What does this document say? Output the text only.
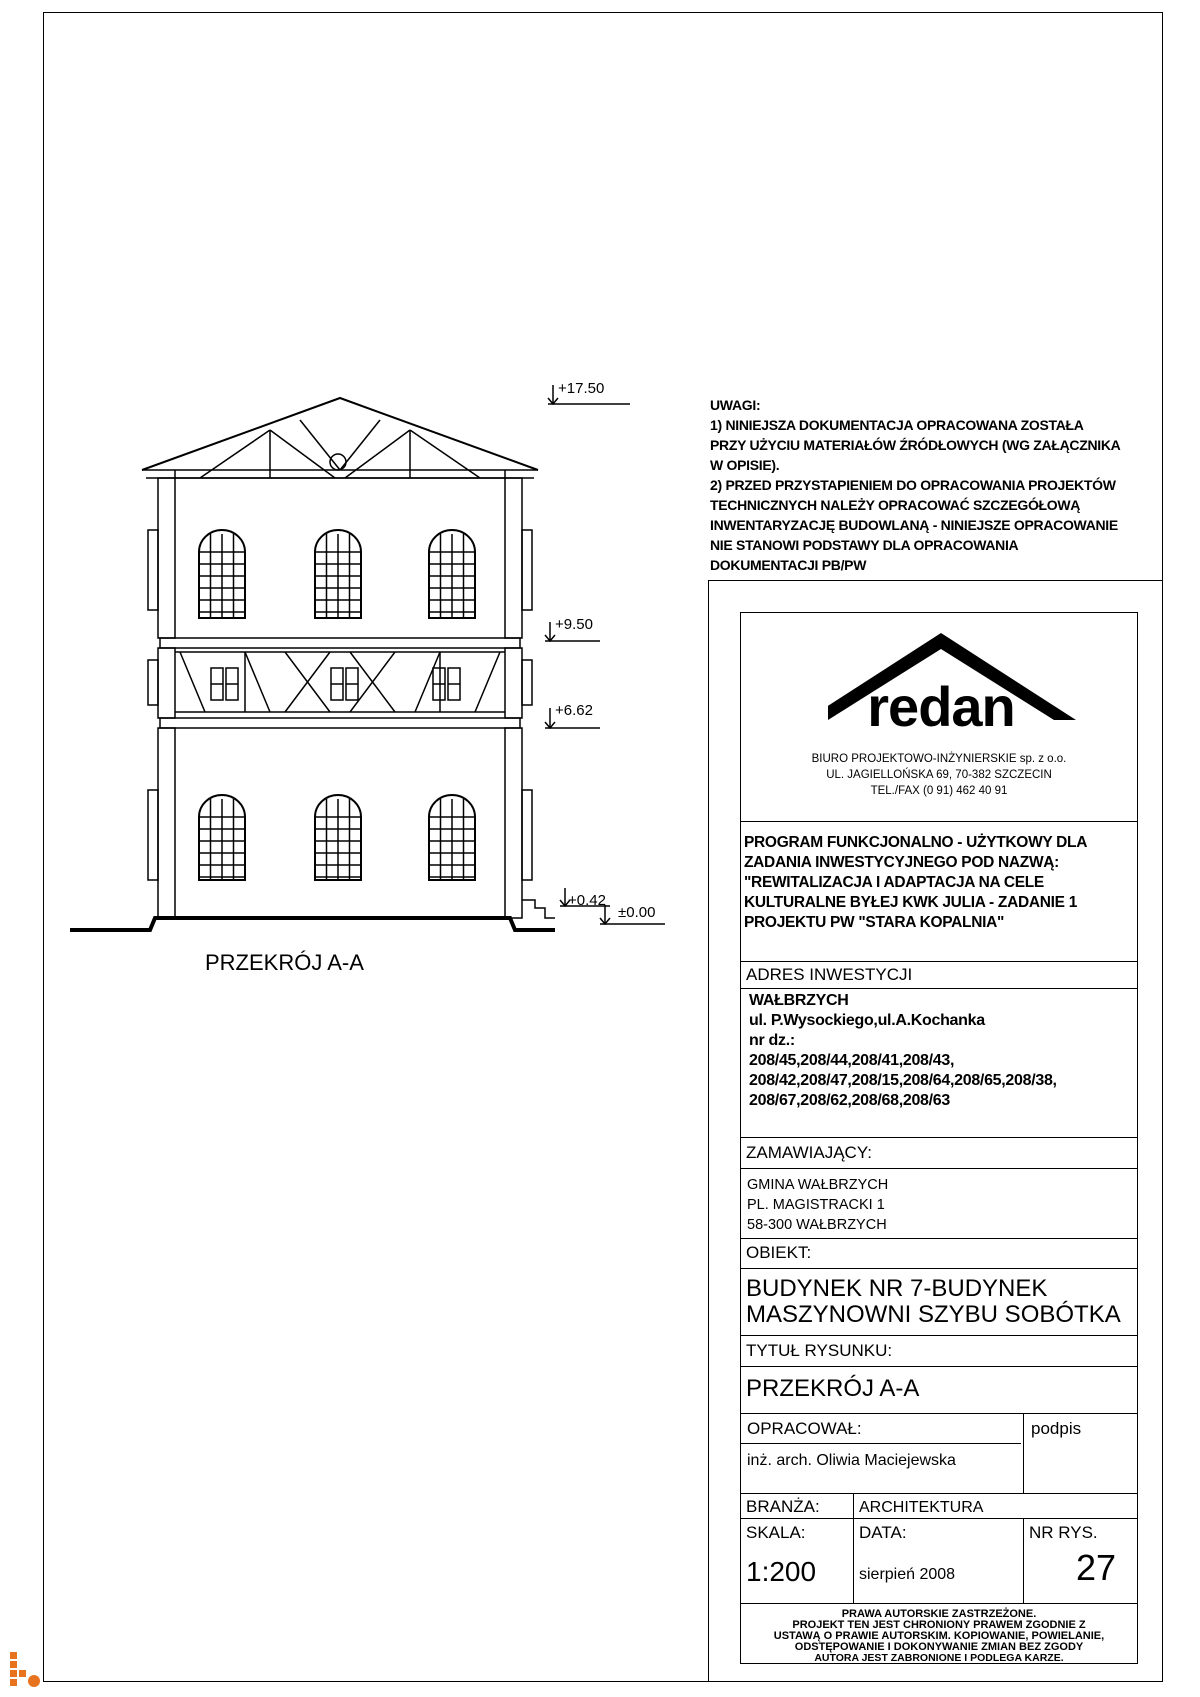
+17.50
+9.50
+6.62
+0.42
±0.00
PRZEKRÓJ A-A
UWAGI:
1) NINIEJSZA DOKUMENTACJA OPRACOWANA ZOSTAŁA
PRZY UŻYCIU MATERIAŁÓW ŹRÓDŁOWYCH (WG ZAŁĄCZNIKA
W OPISIE).
2) PRZED PRZYSTAPIENIEM DO OPRACOWANIA PROJEKTÓW
TECHNICZNYCH NALEŻY OPRACOWAĆ SZCZEGÓŁOWĄ
INWENTARYZACJĘ BUDOWLANĄ - NINIEJSZE OPRACOWANIE
NIE STANOWI PODSTAWY DLA OPRACOWANIA
DOKUMENTACJI PB/PW
redan
BIURO PROJEKTOWO-INŻYNIERSKIE sp. z o.o.
UL. JAGIELLOŃSKA 69, 70-382 SZCZECIN
TEL./FAX (0 91) 462 40 91
PROGRAM FUNKCJONALNO - UŻYTKOWY DLA
ZADANIA INWESTYCYJNEGO POD NAZWĄ:
"REWITALIZACJA I ADAPTACJA NA CELE
KULTURALNE BYŁEJ KWK JULIA - ZADANIE 1
PROJEKTU PW "STARA KOPALNIA"
ADRES INWESTYCJI
WAŁBRZYCH
ul. P.Wysockiego,ul.A.Kochanka
nr dz.:
208/45,208/44,208/41,208/43,
208/42,208/47,208/15,208/64,208/65,208/38,
208/67,208/62,208/68,208/63
ZAMAWIAJĄCY:
GMINA WAŁBRZYCH
PL. MAGISTRACKI 1
58-300 WAŁBRZYCH
OBIEKT:
BUDYNEK NR 7-BUDYNEK
MASZYNOWNI SZYBU SOBÓTKA
TYTUŁ RYSUNKU:
PRZEKRÓJ A-A
OPRACOWAŁ:	podpis
inż. arch. Oliwia Maciejewska
BRANŻA: ARCHITEKTURA
SKALA:	DATA:	NR RYS.
1:200	sierpień 2008	27
PRAWA AUTORSKIE ZASTRZEŻONE.
PROJEKT TEN JEST CHRONIONY PRAWEM ZGODNIE Z
USTAWĄ O PRAWIE AUTORSKIM. KOPIOWANIE, POWIELANIE,
ODSTĘPOWANIE I DOKONYWANIE ZMIAN BEZ ZGODY
AUTORA JEST ZABRONIONE I PODLEGA KARZE.
